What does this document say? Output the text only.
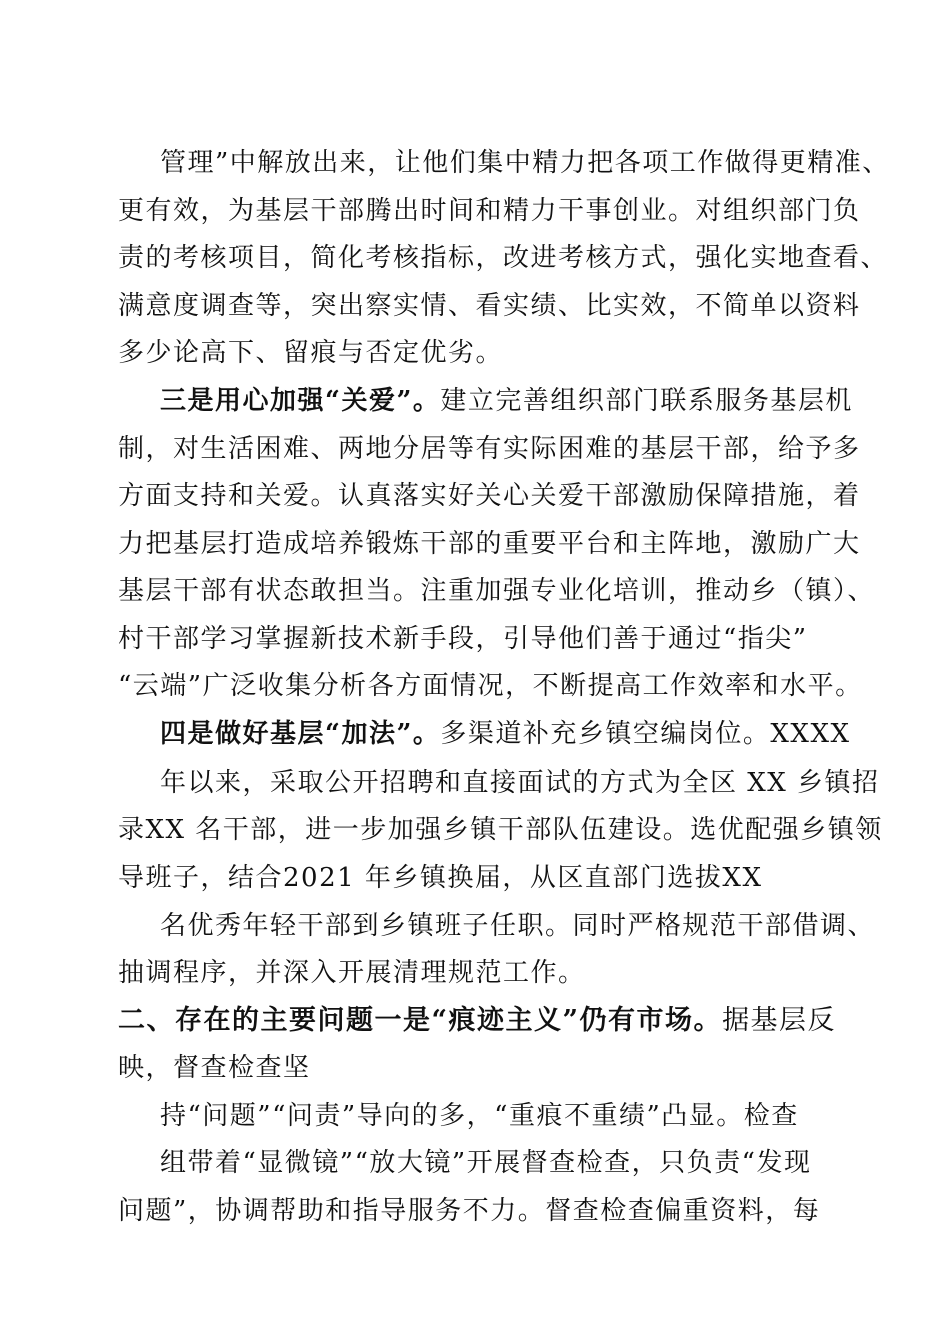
管理”中解放出来，让他们集中精力把各项工作做得更精准、
更有效，为基层干部腾出时间和精力干事创业。对组织部门负
责的考核项目，简化考核指标，改进考核方式，强化实地查看、
满意度调查等，突出察实情、看实绩、比实效，不简单以资料
多少论高下、留痕与否定优劣。
三是用心加强“关爱”。建立完善组织部门联系服务基层机
制，对生活困难、两地分居等有实际困难的基层干部，给予多
方面支持和关爱。认真落实好关心关爱干部激励保障措施，着
力把基层打造成培养锻炼干部的重要平台和主阵地，激励广大
基层干部有状态敢担当。注重加强专业化培训，推动乡（镇）、
村干部学习掌握新技术新手段，引导他们善于通过“指尖”
“云端”广泛收集分析各方面情况，不断提高工作效率和水平。
四是做好基层“加法”。多渠道补充乡镇空编岗位。XXXX
年以来，采取公开招聘和直接面试的方式为全区 XX 乡镇招
录XX 名干部，进一步加强乡镇干部队伍建设。选优配强乡镇领
导班子，结合2021 年乡镇换届，从区直部门选拔XX
名优秀年轻干部到乡镇班子任职。同时严格规范干部借调、
抽调程序，并深入开展清理规范工作。
二、存在的主要问题一是“痕迹主义”仍有市场。据基层反
映，督查检查坚
持“问题”“问责”导向的多，“重痕不重绩”凸显。检查
组带着“显微镜”“放大镜”开展督查检查，只负责“发现
问题”，协调帮助和指导服务不力。督查检查偏重资料，每
